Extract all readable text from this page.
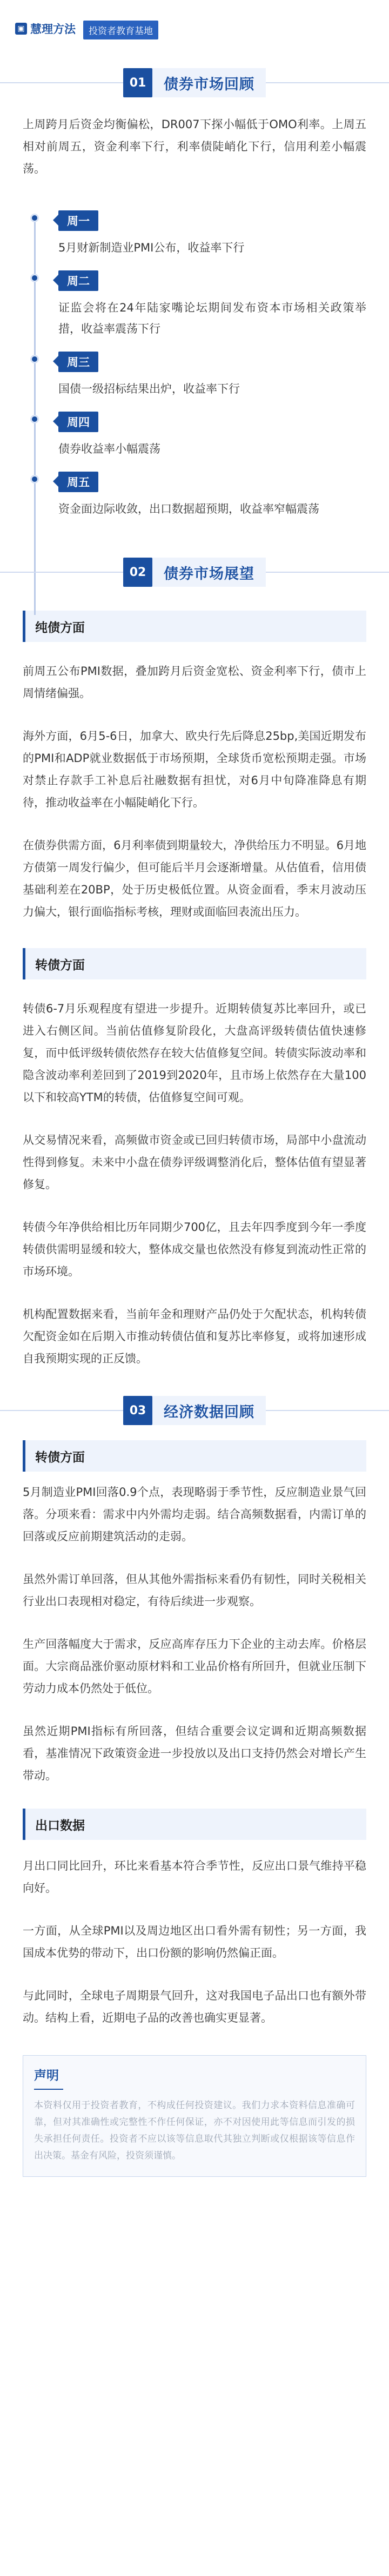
▣ 慧理方法	投资者教育基地
01	债券市场回顾

上周跨月后资金均衡偏松，DR007下探小幅低于OMO利率。上周五相对前周五，资金利率下行，利率债陡峭化下行，信用利差小幅震荡。

周一

5月财新制造业PMI公布，收益率下行

周二

证监会将在24年陆家嘴论坛期间发布资本市场相关政策举措，收益率震荡下行

周三

国债一级招标结果出炉，收益率下行

周四

债券收益率小幅震荡

周五

资金面边际收敛，出口数据超预期，收益率窄幅震荡

02	债券市场展望
纯债方面

前周五公布PMI数据，叠加跨月后资金宽松、资金利率下行，债市上周情绪偏强。

海外方面，6月5-6日，加拿大、欧央行先后降息25bp,美国近期发布的PMI和ADP就业数据低于市场预期，全球货币宽松预期走强。市场对禁止存款手工补息后社融数据有担忧，对6月中旬降准降息有期待，推动收益率在小幅陡峭化下行。

在债券供需方面，6月利率债到期量较大，净供给压力不明显。6月地方债第一周发行偏少，但可能后半月会逐渐增量。从估值看，信用债基础利差在20BP，处于历史极低位置。从资金面看，季末月波动压力偏大，银行面临指标考核，理财或面临回表流出压力。

转债方面

转债6-7月乐观程度有望进一步提升。近期转债复苏比率回升，或已进入右侧区间。当前估值修复阶段化，大盘高评级转债估值快速修复，而中低评级转债依然存在较大估值修复空间。转债实际波动率和隐含波动率利差回到了2019到2020年，且市场上依然存在大量100以下和较高YTM的转债，估值修复空间可观。

从交易情况来看，高频做市资金或已回归转债市场，局部中小盘流动性得到修复。未来中小盘在债券评级调整消化后，整体估值有望显著修复。

转债今年净供给相比历年同期少700亿，且去年四季度到今年一季度转债供需明显缓和较大，整体成交量也依然没有修复到流动性正常的市场环境。

机构配置数据来看，当前年金和理财产品仍处于欠配状态，机构转债欠配资金如在后期入市推动转债估值和复苏比率修复，或将加速形成自我预期实现的正反馈。

03	经济数据回顾
转债方面

5月制造业PMI回落0.9个点，表现略弱于季节性，反应制造业景气回落。分项来看：需求中内外需均走弱。结合高频数据看，内需订单的回落或反应前期建筑活动的走弱。

虽然外需订单回落，但从其他外需指标来看仍有韧性，同时关税相关行业出口表现相对稳定，有待后续进一步观察。

生产回落幅度大于需求，反应高库存压力下企业的主动去库。价格层面。大宗商品涨价驱动原材料和工业品价格有所回升，但就业压制下劳动力成本仍然处于低位。

虽然近期PMI指标有所回落，但结合重要会议定调和近期高频数据看，基准情况下政策资金进一步投放以及出口支持仍然会对增长产生带动。

出口数据

月出口同比回升，环比来看基本符合季节性，反应出口景气维持平稳向好。

一方面，从全球PMI以及周边地区出口看外需有韧性；另一方面，我国成本优势的带动下，出口份额的影响仍然偏正面。

与此同时，全球电子周期景气回升，这对我国电子品出口也有额外带动。结构上看，近期电子品的改善也确实更显著。

声明

本资料仅用于投资者教育，不构成任何投资建议。我们力求本资料信息准确可靠，但对其准确性或完整性不作任何保证，亦不对因使用此等信息而引发的损失承担任何责任。投资者不应以该等信息取代其独立判断或仅根据该等信息作出决策。基金有风险，投资须谨慎。
